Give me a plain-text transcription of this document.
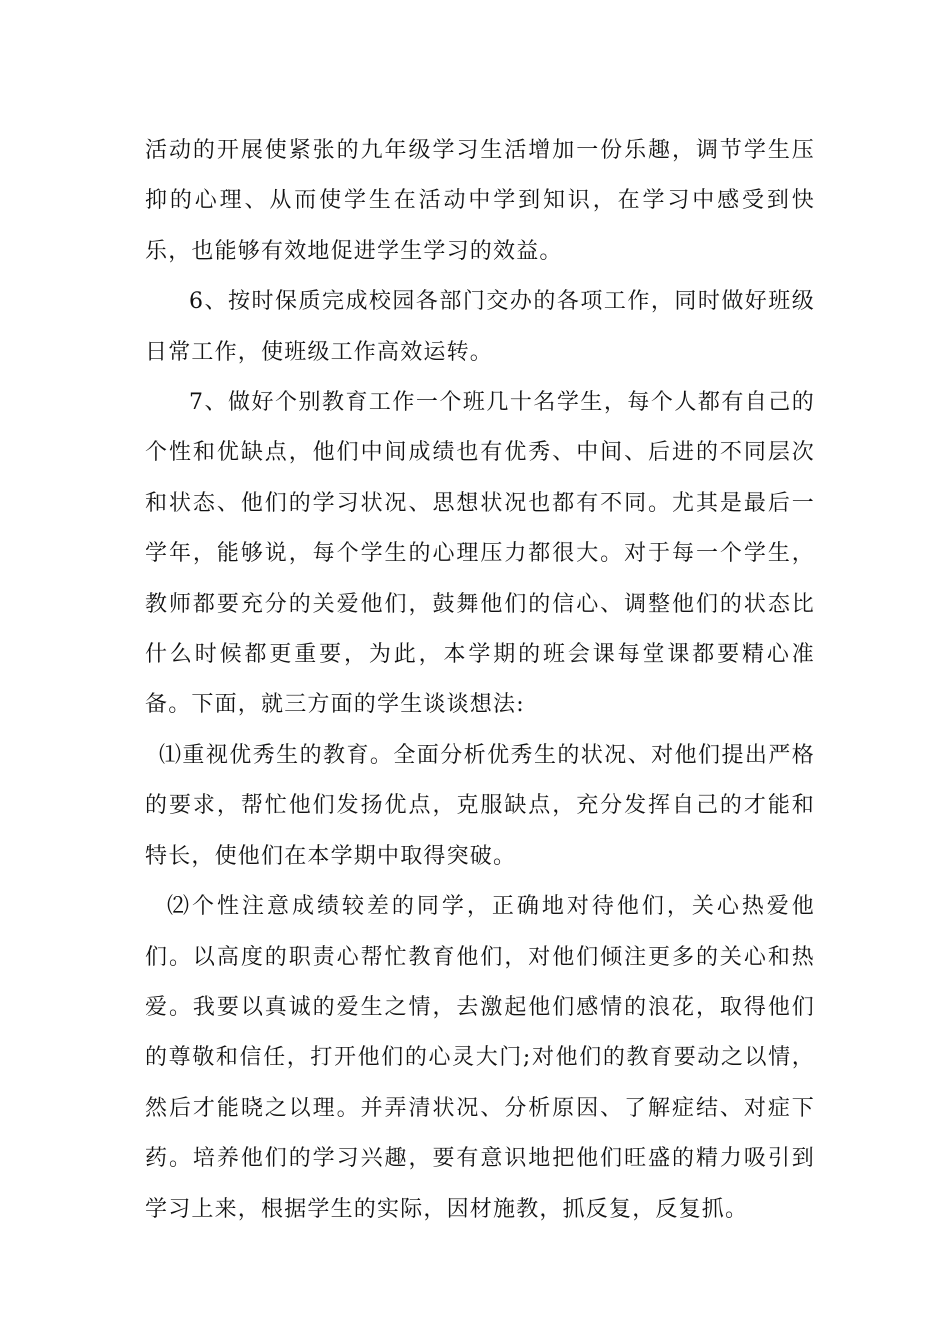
活动的开展使紧张的九年级学习生活增加一份乐趣，调节学生压抑的心理、从而使学生在活动中学到知识，在学习中感受到快乐，也能够有效地促进学生学习的效益。

6、按时保质完成校园各部门交办的各项工作，同时做好班级日常工作，使班级工作高效运转。

7、做好个别教育工作一个班几十名学生，每个人都有自己的个性和优缺点，他们中间成绩也有优秀、中间、后进的不同层次和状态、他们的学习状况、思想状况也都有不同。尤其是最后一学年，能够说，每个学生的心理压力都很大。对于每一个学生，教师都要充分的关爱他们，鼓舞他们的信心、调整他们的状态比什么时候都更重要，为此，本学期的班会课每堂课都要精心准备。下面，就三方面的学生谈谈想法:

⑴重视优秀生的教育。全面分析优秀生的状况、对他们提出严格的要求，帮忙他们发扬优点，克服缺点，充分发挥自己的才能和特长，使他们在本学期中取得突破。

⑵个性注意成绩较差的同学，正确地对待他们，关心热爱他们。以高度的职责心帮忙教育他们，对他们倾注更多的关心和热爱。我要以真诚的爱生之情，去激起他们感情的浪花，取得他们的尊敬和信任，打开他们的心灵大门;对他们的教育要动之以情，然后才能晓之以理。并弄清状况、分析原因、了解症结、对症下药。培养他们的学习兴趣，要有意识地把他们旺盛的精力吸引到学习上来，根据学生的实际，因材施教，抓反复，反复抓。
